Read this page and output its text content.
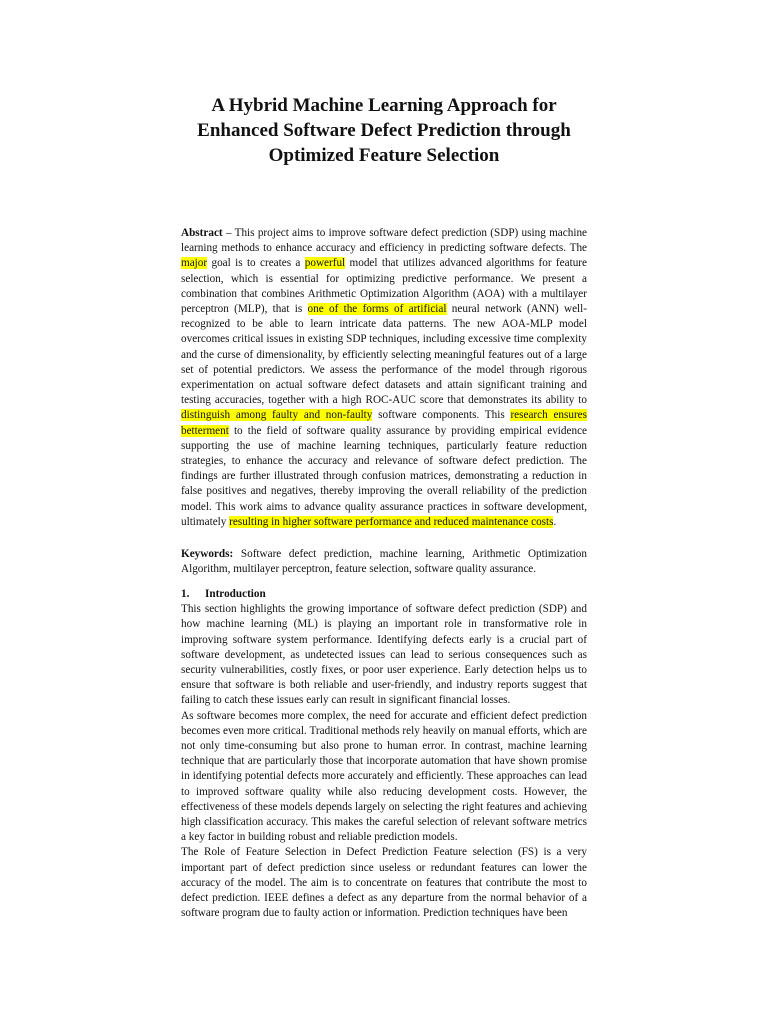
A Hybrid Machine Learning Approach for
Enhanced Software Defect Prediction through
Optimized Feature Selection

Abstract – This project aims to improve software defect prediction (SDP) using machine learning methods to enhance accuracy and efficiency in predicting software defects. The major goal is to creates a powerful model that utilizes advanced algorithms for feature selection, which is essential for optimizing predictive performance. We present a combination that combines Arithmetic Optimization Algorithm (AOA) with a multilayer perceptron (MLP), that is one of the forms of artificial neural network (ANN) well-recognized to be able to learn intricate data patterns. The new AOA-MLP model overcomes critical issues in existing SDP techniques, including excessive time complexity and the curse of dimensionality, by efficiently selecting meaningful features out of a large set of potential predictors. We assess the performance of the model through rigorous experimentation on actual software defect datasets and attain significant training and testing accuracies, together with a high ROC-AUC score that demonstrates its ability to distinguish among faulty and non-faulty software components. This research ensures betterment to the field of software quality assurance by providing empirical evidence supporting the use of machine learning techniques, particularly feature reduction strategies, to enhance the accuracy and relevance of software defect prediction. The findings are further illustrated through confusion matrices, demonstrating a reduction in false positives and negatives, thereby improving the overall reliability of the prediction model. This work aims to advance quality assurance practices in software development, ultimately resulting in higher software performance and reduced maintenance costs.

Keywords: Software defect prediction, machine learning, Arithmetic Optimization Algorithm, multilayer perceptron, feature selection, software quality assurance.

1. Introduction

This section highlights the growing importance of software defect prediction (SDP) and how machine learning (ML) is playing an important role in transformative role in improving software system performance. Identifying defects early is a crucial part of software development, as undetected issues can lead to serious consequences such as security vulnerabilities, costly fixes, or poor user experience. Early detection helps us to ensure that software is both reliable and user-friendly, and industry reports suggest that failing to catch these issues early can result in significant financial losses.

As software becomes more complex, the need for accurate and efficient defect prediction becomes even more critical. Traditional methods rely heavily on manual efforts, which are not only time-consuming but also prone to human error. In contrast, machine learning technique that are particularly those that incorporate automation that have shown promise in identifying potential defects more accurately and efficiently. These approaches can lead to improved software quality while also reducing development costs. However, the effectiveness of these models depends largely on selecting the right features and achieving high classification accuracy. This makes the careful selection of relevant software metrics a key factor in building robust and reliable prediction models.

The Role of Feature Selection in Defect Prediction Feature selection (FS) is a very important part of defect prediction since useless or redundant features can lower the accuracy of the model. The aim is to concentrate on features that contribute the most to defect prediction. IEEE defines a defect as any departure from the normal behavior of a software program due to faulty action or information. Prediction techniques have been
